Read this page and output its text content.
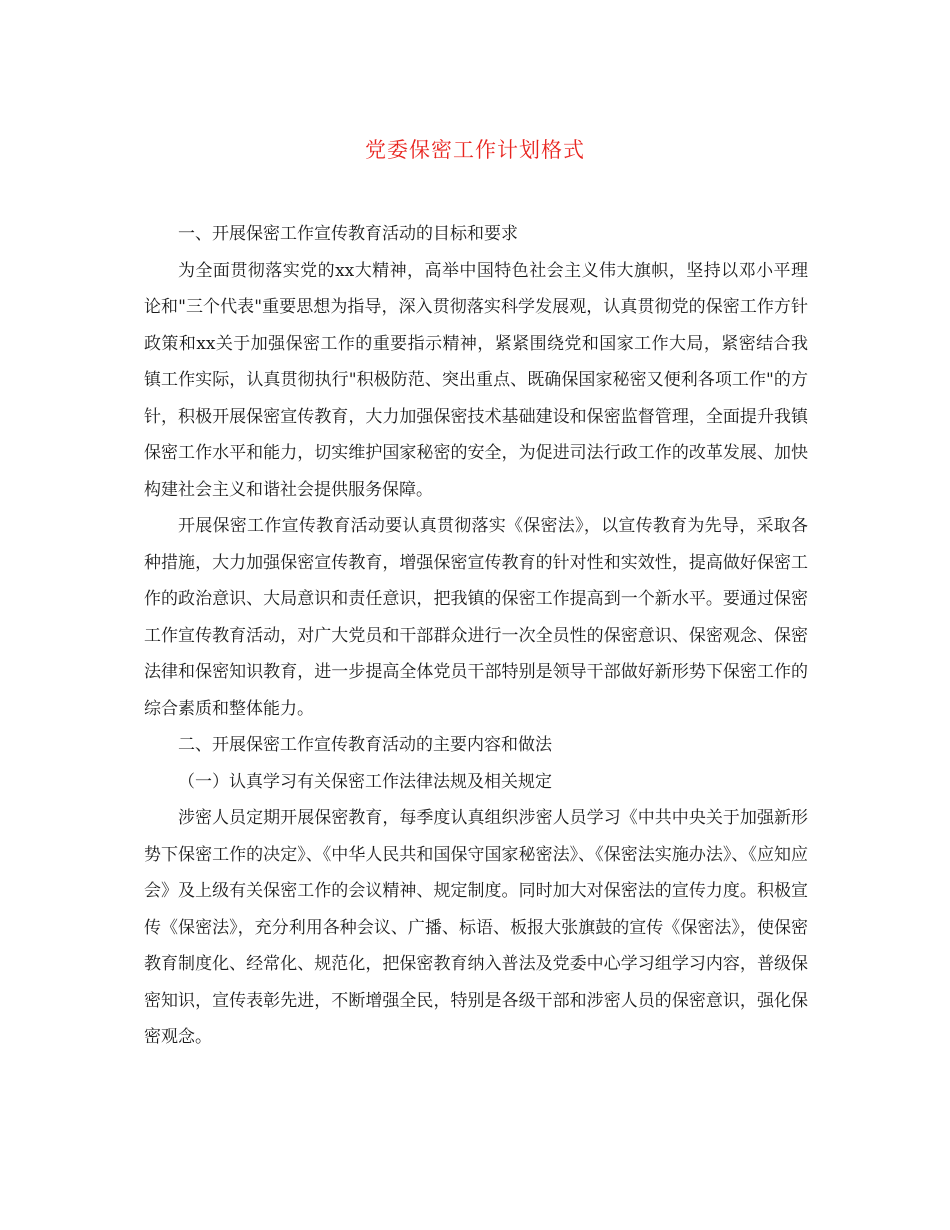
党委保密工作计划格式

一、开展保密工作宣传教育活动的目标和要求

为全面贯彻落实党的xx大精神，高举中国特色社会主义伟大旗帜，坚持以邓小平理论和"三个代表"重要思想为指导，深入贯彻落实科学发展观，认真贯彻党的保密工作方针政策和xx关于加强保密工作的重要指示精神，紧紧围绕党和国家工作大局，紧密结合我镇工作实际，认真贯彻执行"积极防范、突出重点、既确保国家秘密又便利各项工作"的方针，积极开展保密宣传教育，大力加强保密技术基础建设和保密监督管理，全面提升我镇保密工作水平和能力，切实维护国家秘密的安全，为促进司法行政工作的改革发展、加快构建社会主义和谐社会提供服务保障。

开展保密工作宣传教育活动要认真贯彻落实《保密法》，以宣传教育为先导，采取各种措施，大力加强保密宣传教育，增强保密宣传教育的针对性和实效性，提高做好保密工作的政治意识、大局意识和责任意识，把我镇的保密工作提高到一个新水平。要通过保密工作宣传教育活动，对广大党员和干部群众进行一次全员性的保密意识、保密观念、保密法律和保密知识教育，进一步提高全体党员干部特别是领导干部做好新形势下保密工作的综合素质和整体能力。

二、开展保密工作宣传教育活动的主要内容和做法

（一）认真学习有关保密工作法律法规及相关规定

涉密人员定期开展保密教育，每季度认真组织涉密人员学习《中共中央关于加强新形势下保密工作的决定》、《中华人民共和国保守国家秘密法》、《保密法实施办法》、《应知应会》及上级有关保密工作的会议精神、规定制度。同时加大对保密法的宣传力度。积极宣传《保密法》，充分利用各种会议、广播、标语、板报大张旗鼓的宣传《保密法》，使保密教育制度化、经常化、规范化，把保密教育纳入普法及党委中心学习组学习内容，普级保密知识，宣传表彰先进，不断增强全民，特别是各级干部和涉密人员的保密意识，强化保密观念。
